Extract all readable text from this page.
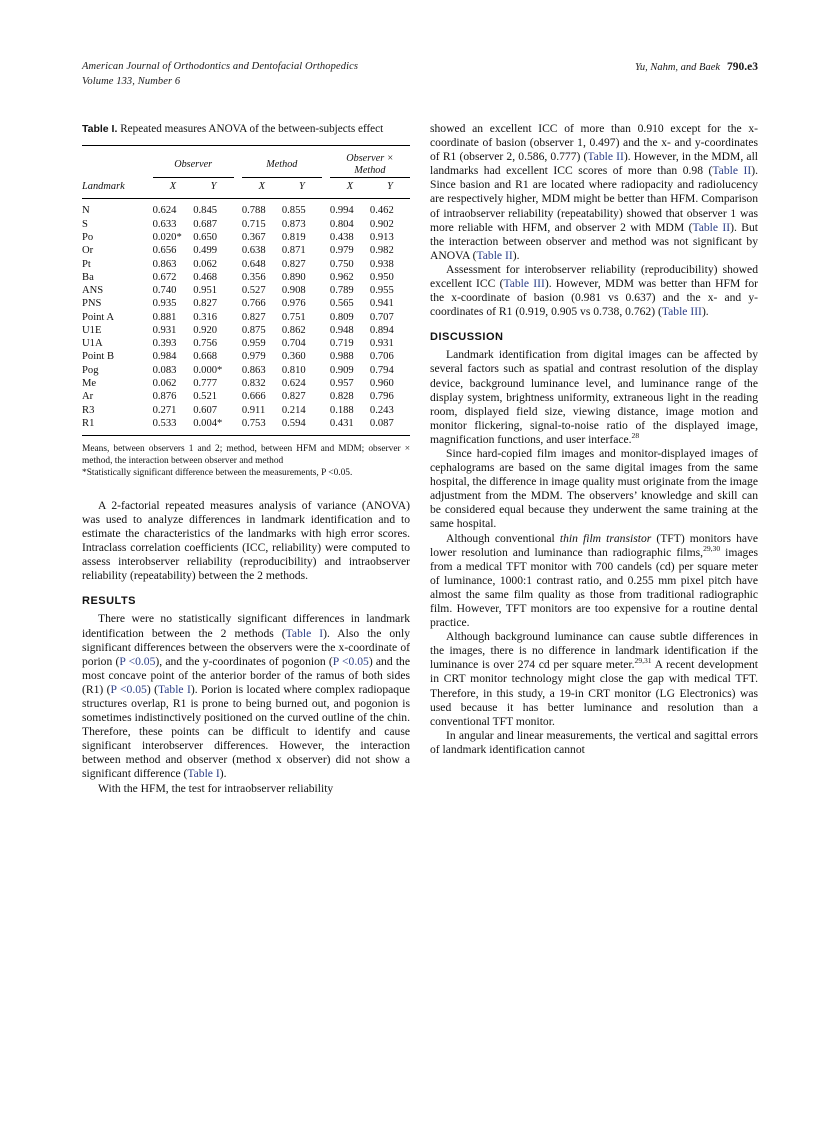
American Journal of Orthodontics and Dentofacial Orthopedics
Volume 133, Number 6
Yu, Nahm, and Baek 790.e3
Table I. Repeated measures ANOVA of the between-subjects effect
	Observer			Method			Observer × Method	
Landmark	X	Y		X	Y		X	Y
N	0.624	0.845		0.788	0.855		0.994	0.462
S	0.633	0.687		0.715	0.873		0.804	0.902
Po	0.020*	0.650		0.367	0.819		0.438	0.913
Or	0.656	0.499		0.638	0.871		0.979	0.982
Pt	0.863	0.062		0.648	0.827		0.750	0.938
Ba	0.672	0.468		0.356	0.890		0.962	0.950
ANS	0.740	0.951		0.527	0.908		0.789	0.955
PNS	0.935	0.827		0.766	0.976		0.565	0.941
Point A	0.881	0.316		0.827	0.751		0.809	0.707
U1E	0.931	0.920		0.875	0.862		0.948	0.894
U1A	0.393	0.756		0.959	0.704		0.719	0.931
Point B	0.984	0.668		0.979	0.360		0.988	0.706
Pog	0.083	0.000*		0.863	0.810		0.909	0.794
Me	0.062	0.777		0.832	0.624		0.957	0.960
Ar	0.876	0.521		0.666	0.827		0.828	0.796
R3	0.271	0.607		0.911	0.214		0.188	0.243
R1	0.533	0.004*		0.753	0.594		0.431	0.087
Means, between observers 1 and 2; method, between HFM and MDM; observer × method, the interaction between observer and method
*Statistically significant difference between the measurements, P <0.05.

A 2-factorial repeated measures analysis of variance (ANOVA) was used to analyze differences in landmark identification and to estimate the characteristics of the landmarks with high error scores. Intraclass correlation coefficients (ICC, reliability) were computed to assess interobserver reliability (reproducibility) and intraobserver reliability (repeatability) between the 2 methods.

RESULTS

There were no statistically significant differences in landmark identification between the 2 methods (Table I). Also the only significant differences between the observers were the x-coordinate of porion (P <0.05), and the y-coordinates of pogonion (P <0.05) and the most concave point of the anterior border of the ramus of both sides (R1) (P <0.05) (Table I). Porion is located where complex radiopaque structures overlap, R1 is prone to being burned out, and pogonion is sometimes indistinctively positioned on the curved outline of the chin. Therefore, these points can be difficult to identify and cause significant interobserver differences. However, the interaction between method and observer (method x observer) did not show a significant difference (Table I).

With the HFM, the test for intraobserver reliability

showed an excellent ICC of more than 0.910 except for the x-coordinate of basion (observer 1, 0.497) and the x- and y-coordinates of R1 (observer 2, 0.586, 0.777) (Table II). However, in the MDM, all landmarks had excellent ICC scores of more than 0.98 (Table II). Since basion and R1 are located where radiopacity and radiolucency are respectively higher, MDM might be better than HFM. Comparison of intraobserver reliability (repeatability) showed that observer 1 was more reliable with HFM, and observer 2 with MDM (Table II). But the interaction between observer and method was not significant by ANOVA (Table II).

Assessment for interobserver reliability (reproducibility) showed excellent ICC (Table III). However, MDM was better than HFM for the x-coordinate of basion (0.981 vs 0.637) and the x- and y-coordinates of R1 (0.919, 0.905 vs 0.738, 0.762) (Table III).

DISCUSSION

Landmark identification from digital images can be affected by several factors such as spatial and contrast resolution of the display device, background luminance level, and luminance range of the display system, brightness uniformity, extraneous light in the reading room, displayed field size, viewing distance, image motion and monitor flickering, signal-to-noise ratio of the displayed image, magnification functions, and user interface.$^{28}$

Since hard-copied film images and monitor-displayed images of cephalograms are based on the same digital images from the same hospital, the difference in image quality must originate from the image adjustment from the MDM. The observers’ knowledge and skill can be considered equal because they underwent the same training at the same hospital.

Although conventional thin film transistor (TFT) monitors have lower resolution and luminance than radiographic films,$^{29,30}$ images from a medical TFT monitor with 700 candels (cd) per square meter of luminance, 1000:1 contrast ratio, and 0.255 mm pixel pitch have almost the same film quality as those from traditional radiographic film. However, TFT monitors are too expensive for a routine dental practice.

Although background luminance can cause subtle differences in the images, there is no difference in landmark identification if the luminance is over 274 cd per square meter.$^{29,31}$ A recent development in CRT monitor technology might close the gap with medical TFT. Therefore, in this study, a 19-in CRT monitor (LG Electronics) was used because it has better luminance and resolution than a conventional TFT monitor.

In angular and linear measurements, the vertical and sagittal errors of landmark identification cannot
